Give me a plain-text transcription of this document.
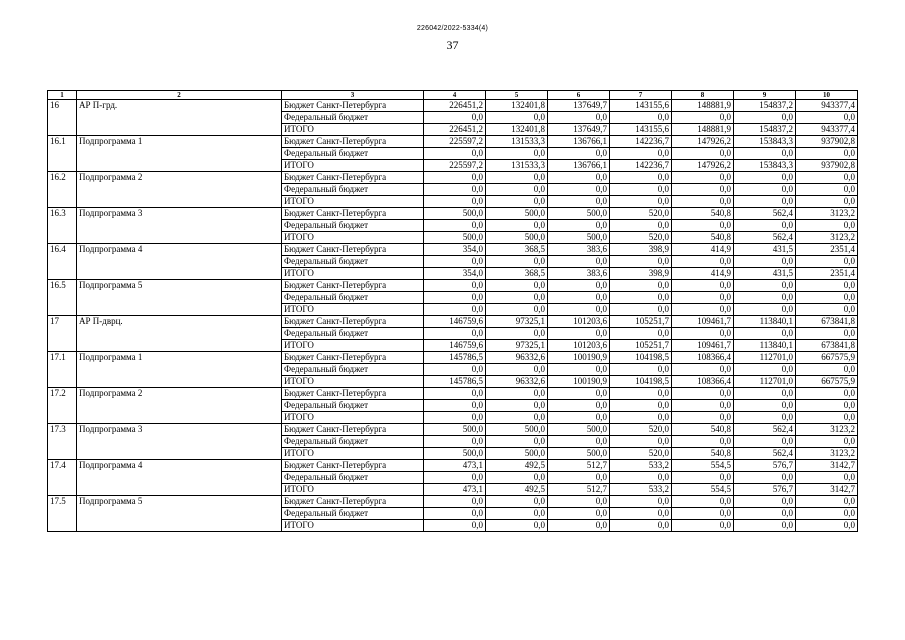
226042/2022-5334(4)
37
1	2	3	4	5	6	7	8	9	10
16	АР П-грд.	Бюджет Санкт-Петербурга	226451,2	132401,8	137649,7	143155,6	148881,9	154837,2	943377,4
		Федеральный бюджет	0,0	0,0	0,0	0,0	0,0	0,0	0,0
		ИТОГО	226451,2	132401,8	137649,7	143155,6	148881,9	154837,2	943377,4
16.1	Подпрограмма 1	Бюджет Санкт-Петербурга	225597,2	131533,3	136766,1	142236,7	147926,2	153843,3	937902,8
		Федеральный бюджет	0,0	0,0	0,0	0,0	0,0	0,0	0,0
		ИТОГО	225597,2	131533,3	136766,1	142236,7	147926,2	153843,3	937902,8
16.2	Подпрограмма 2	Бюджет Санкт-Петербурга	0,0	0,0	0,0	0,0	0,0	0,0	0,0
		Федеральный бюджет	0,0	0,0	0,0	0,0	0,0	0,0	0,0
		ИТОГО	0,0	0,0	0,0	0,0	0,0	0,0	0,0
16.3	Подпрограмма 3	Бюджет Санкт-Петербурга	500,0	500,0	500,0	520,0	540,8	562,4	3123,2
		Федеральный бюджет	0,0	0,0	0,0	0,0	0,0	0,0	0,0
		ИТОГО	500,0	500,0	500,0	520,0	540,8	562,4	3123,2
16.4	Подпрограмма 4	Бюджет Санкт-Петербурга	354,0	368,5	383,6	398,9	414,9	431,5	2351,4
		Федеральный бюджет	0,0	0,0	0,0	0,0	0,0	0,0	0,0
		ИТОГО	354,0	368,5	383,6	398,9	414,9	431,5	2351,4
16.5	Подпрограмма 5	Бюджет Санкт-Петербурга	0,0	0,0	0,0	0,0	0,0	0,0	0,0
		Федеральный бюджет	0,0	0,0	0,0	0,0	0,0	0,0	0,0
		ИТОГО	0,0	0,0	0,0	0,0	0,0	0,0	0,0
17	АР П-дврц.	Бюджет Санкт-Петербурга	146759,6	97325,1	101203,6	105251,7	109461,7	113840,1	673841,8
		Федеральный бюджет	0,0	0,0	0,0	0,0	0,0	0,0	0,0
		ИТОГО	146759,6	97325,1	101203,6	105251,7	109461,7	113840,1	673841,8
17.1	Подпрограмма 1	Бюджет Санкт-Петербурга	145786,5	96332,6	100190,9	104198,5	108366,4	112701,0	667575,9
		Федеральный бюджет	0,0	0,0	0,0	0,0	0,0	0,0	0,0
		ИТОГО	145786,5	96332,6	100190,9	104198,5	108366,4	112701,0	667575,9
17.2	Подпрограмма 2	Бюджет Санкт-Петербурга	0,0	0,0	0,0	0,0	0,0	0,0	0,0
		Федеральный бюджет	0,0	0,0	0,0	0,0	0,0	0,0	0,0
		ИТОГО	0,0	0,0	0,0	0,0	0,0	0,0	0,0
17.3	Подпрограмма 3	Бюджет Санкт-Петербурга	500,0	500,0	500,0	520,0	540,8	562,4	3123,2
		Федеральный бюджет	0,0	0,0	0,0	0,0	0,0	0,0	0,0
		ИТОГО	500,0	500,0	500,0	520,0	540,8	562,4	3123,2
17.4	Подпрограмма 4	Бюджет Санкт-Петербурга	473,1	492,5	512,7	533,2	554,5	576,7	3142,7
		Федеральный бюджет	0,0	0,0	0,0	0,0	0,0	0,0	0,0
		ИТОГО	473,1	492,5	512,7	533,2	554,5	576,7	3142,7
17.5	Подпрограмма 5	Бюджет Санкт-Петербурга	0,0	0,0	0,0	0,0	0,0	0,0	0,0
		Федеральный бюджет	0,0	0,0	0,0	0,0	0,0	0,0	0,0
		ИТОГО	0,0	0,0	0,0	0,0	0,0	0,0	0,0
